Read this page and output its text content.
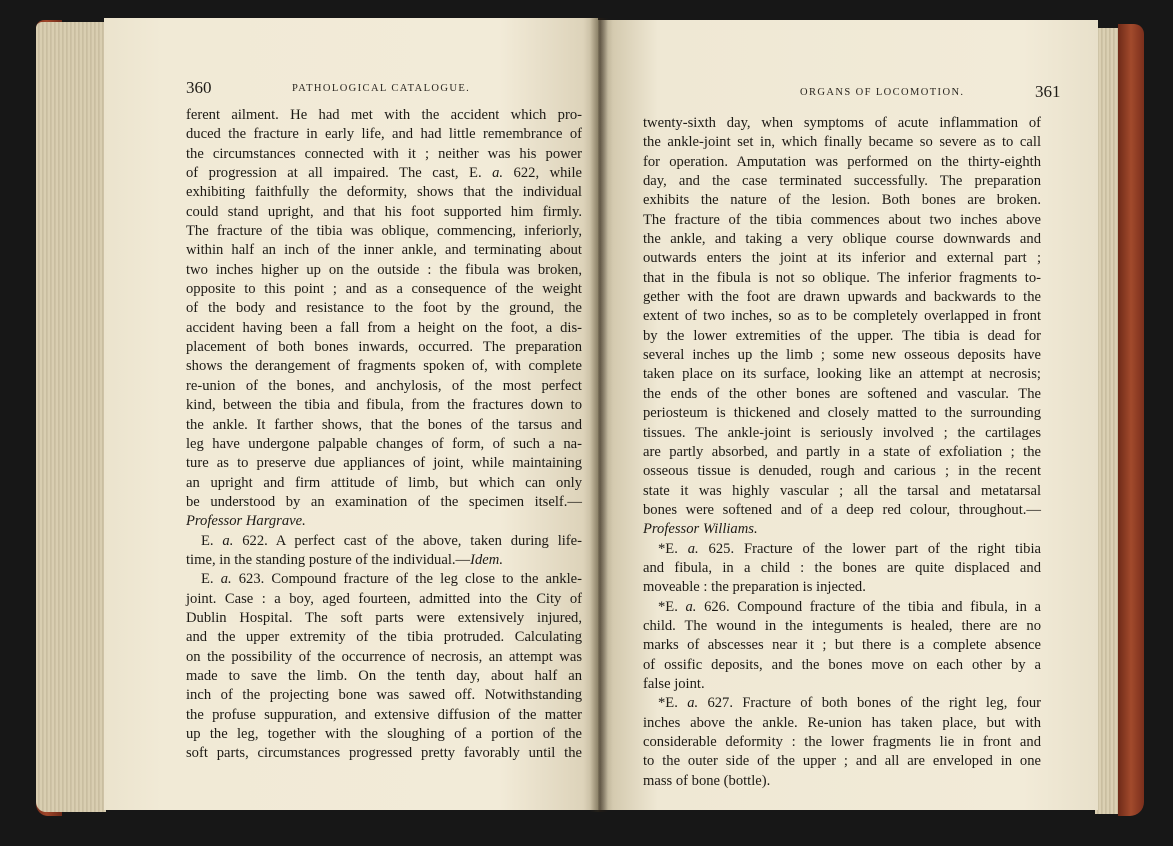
360	PATHOLOGICAL CATALOGUE.
ferent ailment. He had met with the accident which pro-
duced the fracture in early life, and had little remembrance of
the circumstances connected with it ; neither was his power
of progression at all impaired. The cast, E. a. 622, while
exhibiting faithfully the deformity, shows that the individual
could stand upright, and that his foot supported him firmly.
The fracture of the tibia was oblique, commencing, inferiorly,
within half an inch of the inner ankle, and terminating about
two inches higher up on the outside : the fibula was broken,
opposite to this point ; and as a consequence of the weight
of the body and resistance to the foot by the ground, the
accident having been a fall from a height on the foot, a dis-
placement of both bones inwards, occurred. The preparation
shows the derangement of fragments spoken of, with complete
re-union of the bones, and anchylosis, of the most perfect
kind, between the tibia and fibula, from the fractures down to
the ankle. It farther shows, that the bones of the tarsus and
leg have undergone palpable changes of form, of such a na-
ture as to preserve due appliances of joint, while maintaining
an upright and firm attitude of limb, but which can only
be understood by an examination of the specimen itself.—
Professor Hargrave.
E. a. 622. A perfect cast of the above, taken during life-
time, in the standing posture of the individual.—Idem.
E. a. 623. Compound fracture of the leg close to the ankle-
joint. Case : a boy, aged fourteen, admitted into the City of
Dublin Hospital. The soft parts were extensively injured,
and the upper extremity of the tibia protruded. Calculating
on the possibility of the occurrence of necrosis, an attempt was
made to save the limb. On the tenth day, about half an
inch of the projecting bone was sawed off. Notwithstanding
the profuse suppuration, and extensive diffusion of the matter
up the leg, together with the sloughing of a portion of the
soft parts, circumstances progressed pretty favorably until the
ORGANS OF LOCOMOTION.	361
twenty-sixth day, when symptoms of acute inflammation of
the ankle-joint set in, which finally became so severe as to call
for operation. Amputation was performed on the thirty-eighth
day, and the case terminated successfully. The preparation
exhibits the nature of the lesion. Both bones are broken.
The fracture of the tibia commences about two inches above
the ankle, and taking a very oblique course downwards and
outwards enters the joint at its inferior and external part ;
that in the fibula is not so oblique. The inferior fragments to-
gether with the foot are drawn upwards and backwards to the
extent of two inches, so as to be completely overlapped in front
by the lower extremities of the upper. The tibia is dead for
several inches up the limb ; some new osseous deposits have
taken place on its surface, looking like an attempt at necrosis;
the ends of the other bones are softened and vascular. The
periosteum is thickened and closely matted to the surrounding
tissues. The ankle-joint is seriously involved ; the cartilages
are partly absorbed, and partly in a state of exfoliation ; the
osseous tissue is denuded, rough and carious ; in the recent
state it was highly vascular ; all the tarsal and metatarsal
bones were softened and of a deep red colour, throughout.—
Professor Williams.
*E. a. 625. Fracture of the lower part of the right tibia
and fibula, in a child : the bones are quite displaced and
moveable : the preparation is injected.
*E. a. 626. Compound fracture of the tibia and fibula, in a
child. The wound in the integuments is healed, there are no
marks of abscesses near it ; but there is a complete absence
of ossific deposits, and the bones move on each other by a
false joint.
*E. a. 627. Fracture of both bones of the right leg, four
inches above the ankle. Re-union has taken place, but with
considerable deformity : the lower fragments lie in front and
to the outer side of the upper ; and all are enveloped in one
mass of bone (bottle).
